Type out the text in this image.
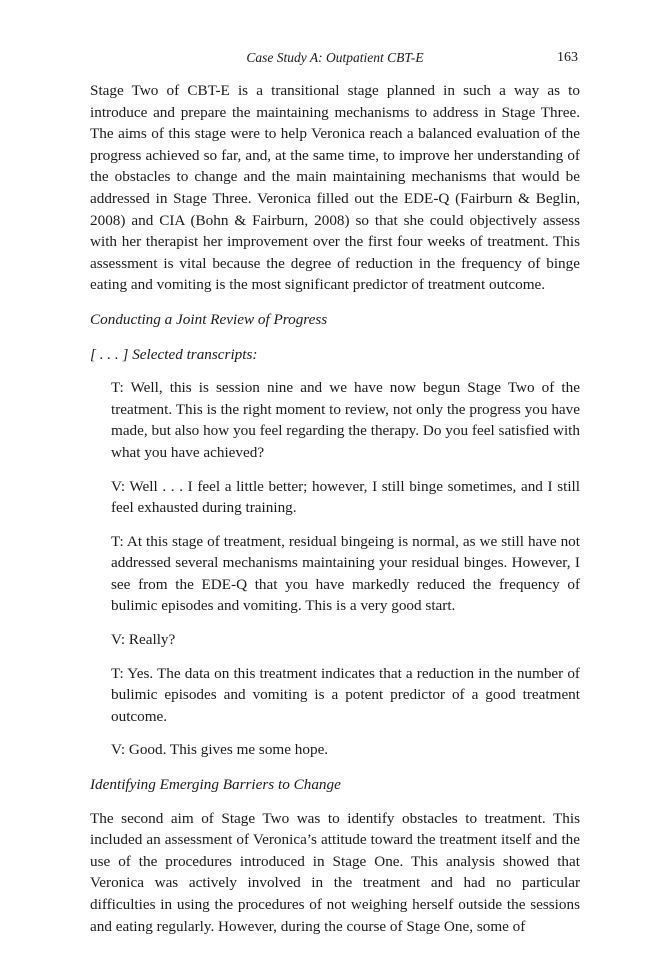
Case Study A: Outpatient CBT-E	163

Stage Two of CBT-E is a transitional stage planned in such a way as to introduce and prepare the maintaining mechanisms to address in Stage Three. The aims of this stage were to help Veronica reach a balanced evaluation of the progress achieved so far, and, at the same time, to improve her understanding of the obstacles to change and the main maintaining mechanisms that would be addressed in Stage Three. Veronica filled out the EDE-Q (Fairburn & Beglin, 2008) and CIA (Bohn & Fairburn, 2008) so that she could objectively assess with her therapist her improvement over the first four weeks of treatment. This assessment is vital because the degree of reduction in the frequency of binge eating and vomiting is the most significant predictor of treatment outcome.

Conducting a Joint Review of Progress

[ . . . ] Selected transcripts:

T: Well, this is session nine and we have now begun Stage Two of the treatment. This is the right moment to review, not only the progress you have made, but also how you feel regarding the therapy. Do you feel satisfied with what you have achieved?

V: Well . . . I feel a little better; however, I still binge sometimes, and I still feel exhausted during training.

T: At this stage of treatment, residual bingeing is normal, as we still have not addressed several mechanisms maintaining your residual binges. However, I see from the EDE-Q that you have markedly reduced the frequency of bulimic episodes and vomiting. This is a very good start.

V: Really?

T: Yes. The data on this treatment indicates that a reduction in the number of bulimic episodes and vomiting is a potent predictor of a good treatment outcome.

V: Good. This gives me some hope.

Identifying Emerging Barriers to Change

The second aim of Stage Two was to identify obstacles to treatment. This included an assessment of Veronica’s attitude toward the treatment itself and the use of the procedures introduced in Stage One. This analysis showed that Veronica was actively involved in the treatment and had no particular difficulties in using the procedures of not weighing herself outside the sessions and eating regularly. However, during the course of Stage One, some of
